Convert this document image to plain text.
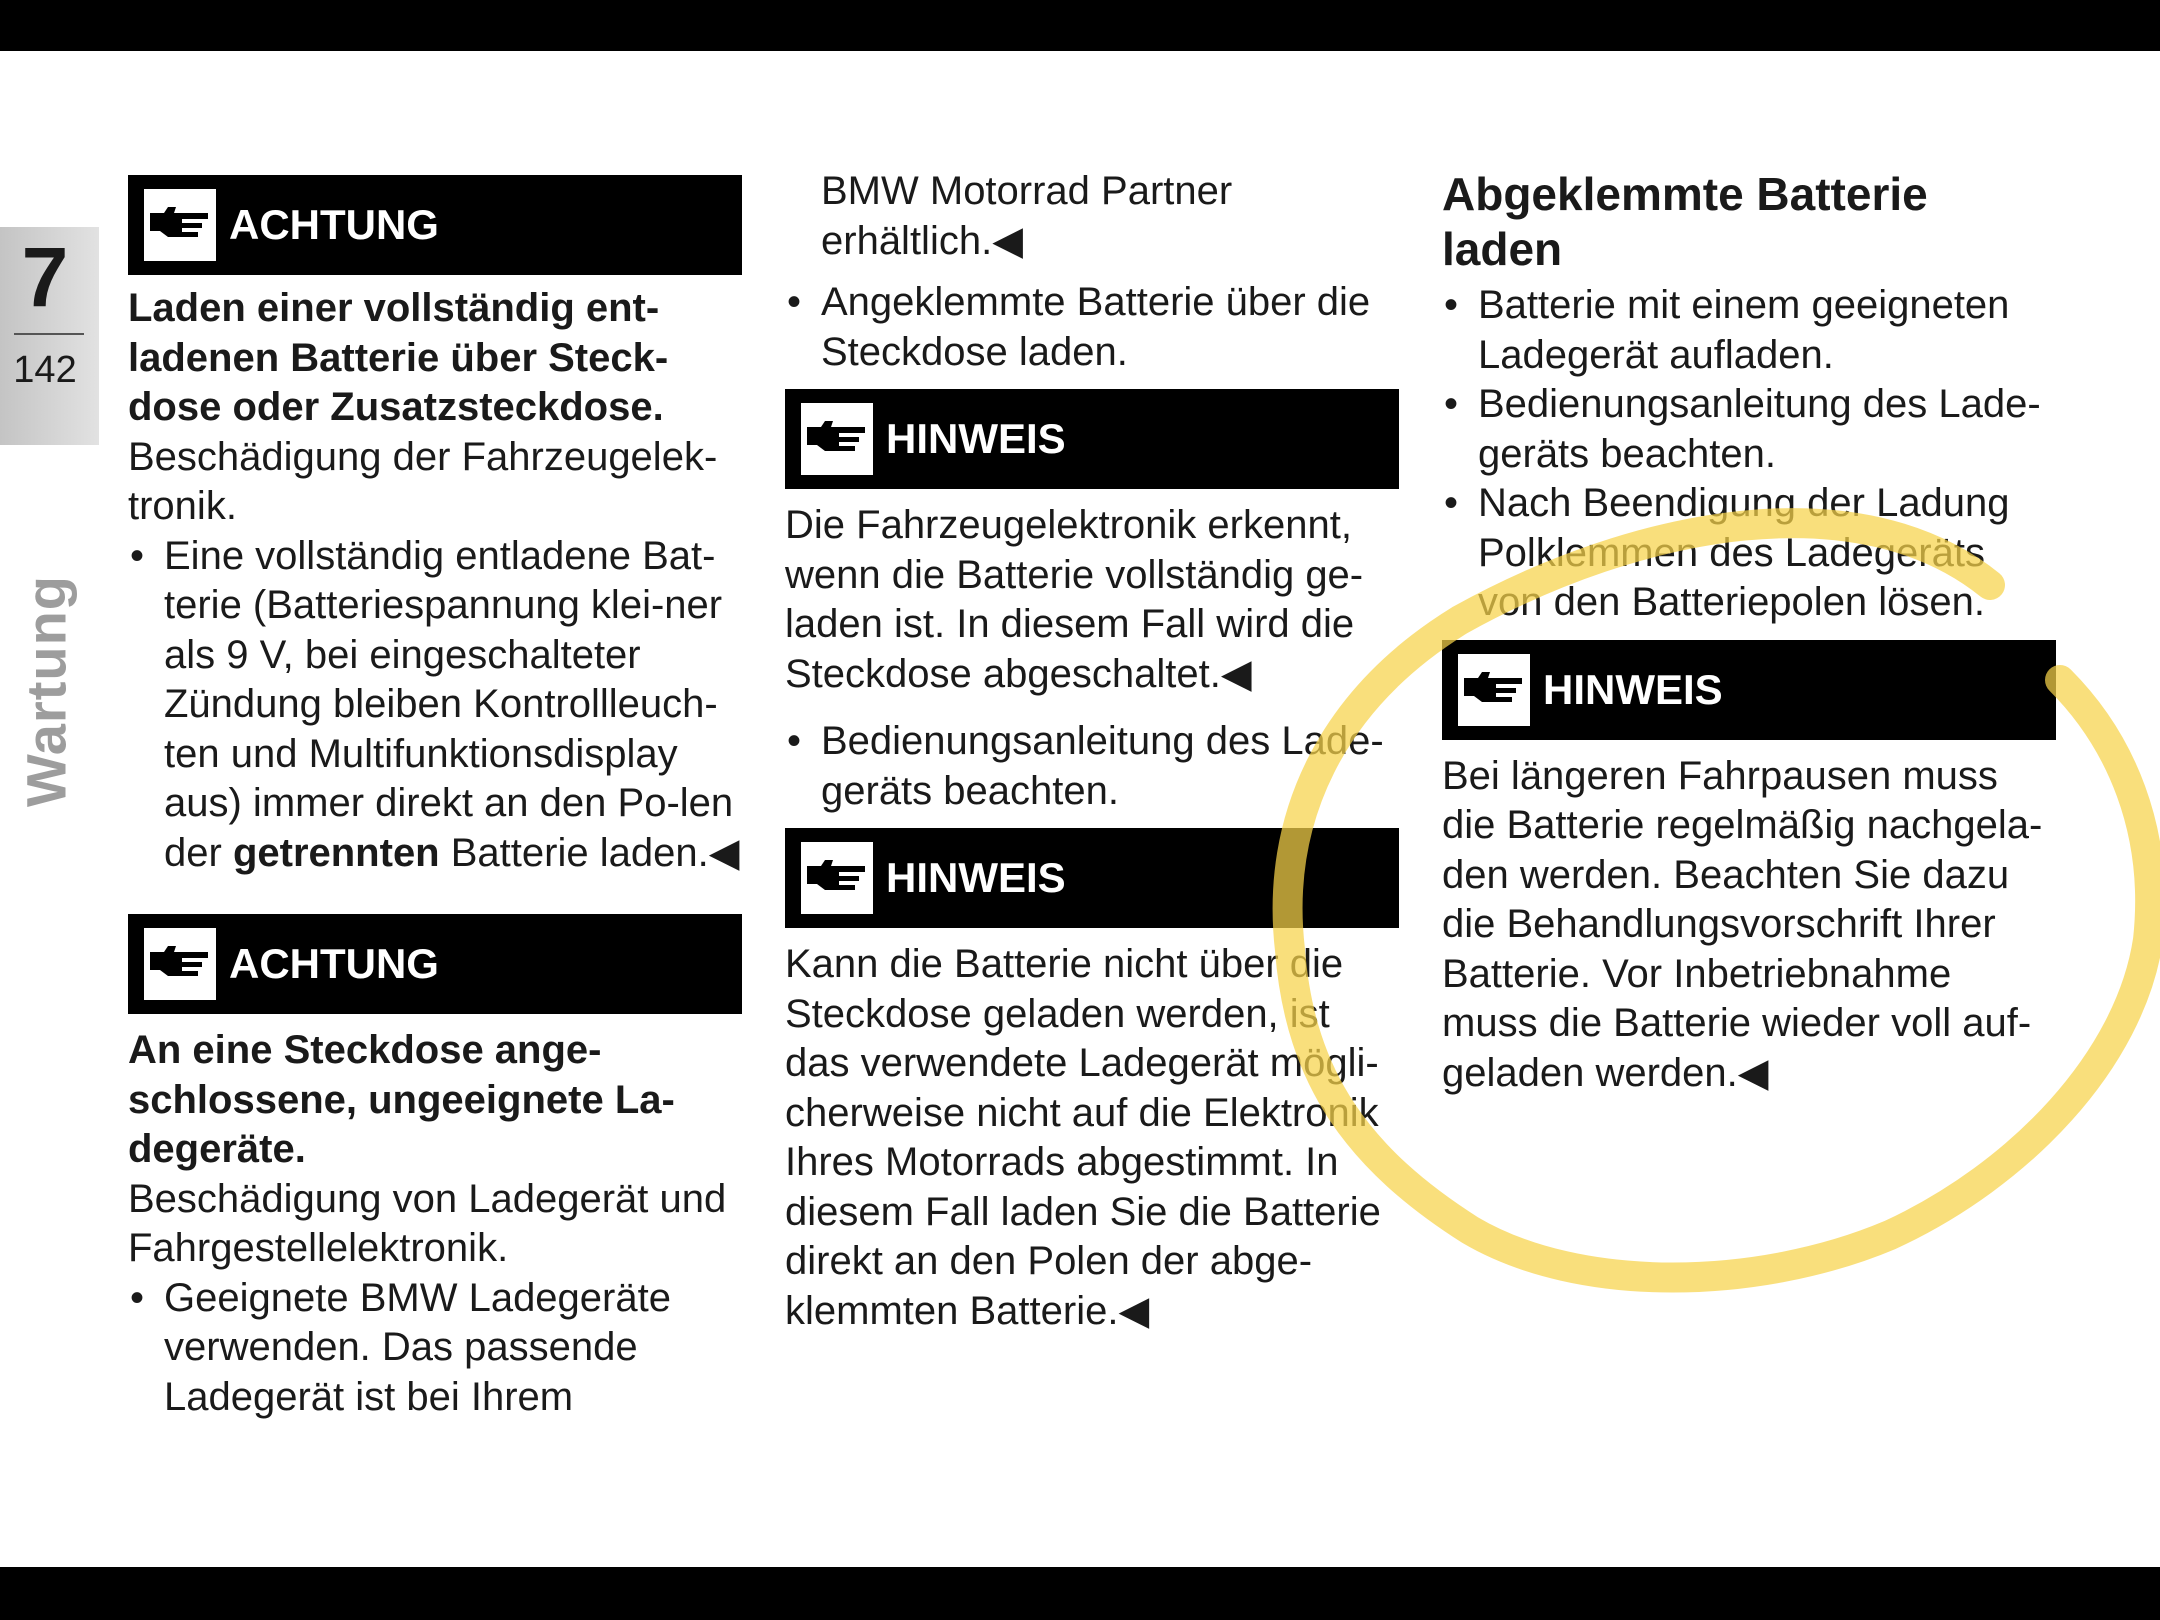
7
142
Wartung
ACHTUNG

Laden einer vollständig ent-ladenen Batterie über Steck-dose oder Zusatzsteckdose.

Beschädigung der Fahrzeugelek-tronik.

• Eine vollständig entladene Bat-terie (Batteriespannung klei-ner als 9 V, bei eingeschalteter Zündung bleiben Kontrollleuch-ten und Multifunktionsdisplay aus) immer direkt an den Po-len der getrennten Batterie laden.◀

ACHTUNG

An eine Steckdose ange-schlossene, ungeeignete La-degeräte.

Beschädigung von Ladegerät und Fahrgestellelektronik.

• Geeignete BMW Ladegeräte verwenden. Das passende Ladegerät ist bei Ihrem

BMW Motorrad Partner erhältlich.◀

• Angeklemmte Batterie über die Steckdose laden.

HINWEIS

Die Fahrzeugelektronik erkennt, wenn die Batterie vollständig ge-laden ist. In diesem Fall wird die Steckdose abgeschaltet.◀

• Bedienungsanleitung des Lade-geräts beachten.

HINWEIS

Kann die Batterie nicht über die Steckdose geladen werden, ist das verwendete Ladegerät mögli-cherweise nicht auf die Elektronik Ihres Motorrads abgestimmt. In diesem Fall laden Sie die Batterie direkt an den Polen der abge-klemmten Batterie.◀

Abgeklemmte Batterie laden

• Batterie mit einem geeigneten Ladegerät aufladen.

• Bedienungsanleitung des Lade-geräts beachten.

• Nach Beendigung der Ladung Polklemmen des Ladegeräts von den Batteriepolen lösen.

HINWEIS

Bei längeren Fahrpausen muss die Batterie regelmäßig nachgela-den werden. Beachten Sie dazu die Behandlungsvorschrift Ihrer Batterie. Vor Inbetriebnahme muss die Batterie wieder voll auf-geladen werden.◀
